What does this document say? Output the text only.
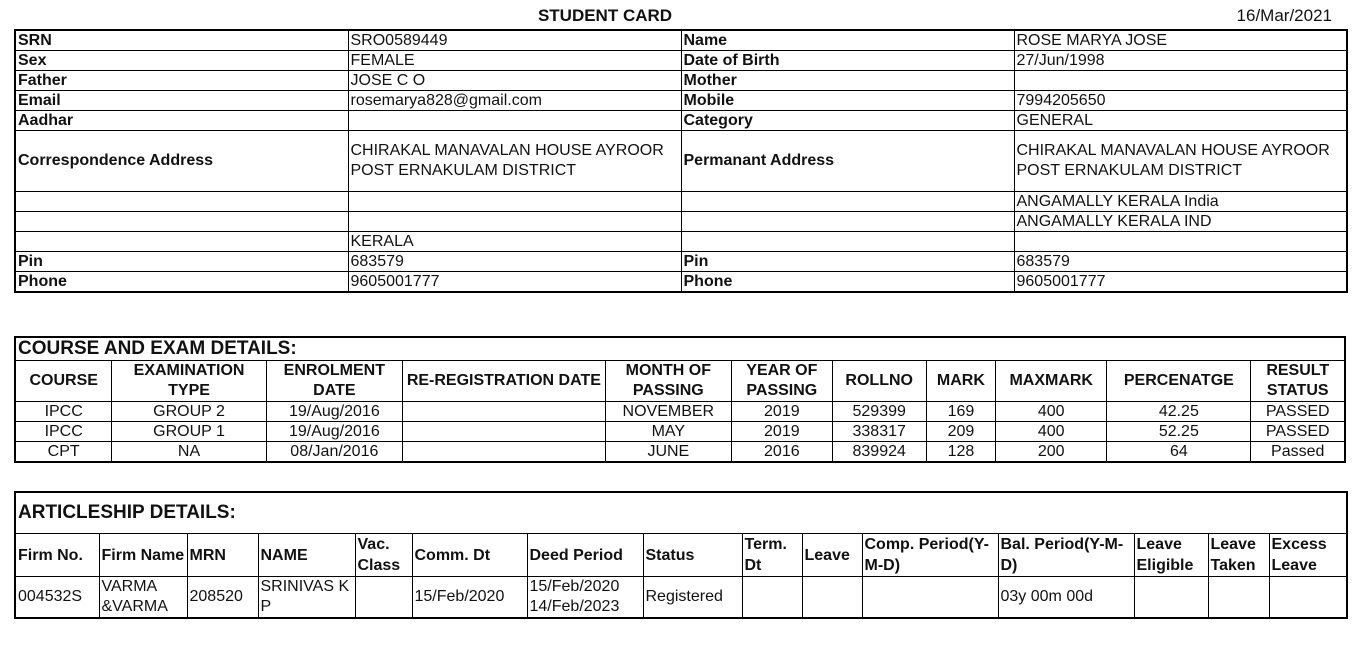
STUDENT CARD	16/Mar/2021
SRN	SRO0589449	Name	ROSE MARYA JOSE
Sex	FEMALE	Date of Birth	27/Jun/1998
Father	JOSE C O	Mother	
Email	rosemarya828@gmail.com	Mobile	7994205650
Aadhar		Category	GENERAL
Correspondence Address	CHIRAKAL MANAVALAN HOUSE AYROOR POST ERNAKULAM DISTRICT	Permanant Address	CHIRAKAL MANAVALAN HOUSE AYROOR POST ERNAKULAM DISTRICT
			ANGAMALLY KERALA India
			ANGAMALLY KERALA IND
	KERALA		
Pin	683579	Pin	683579
Phone	9605001777	Phone	9605001777
COURSE AND EXAM DETAILS:										
COURSE	EXAMINATION TYPE	ENROLMENT DATE	RE-REGISTRATION DATE	MONTH OF PASSING	YEAR OF PASSING	ROLLNO	MARK	MAXMARK	PERCENATGE	RESULT STATUS
IPCC	GROUP 2	19/Aug/2016		NOVEMBER	2019	529399	169	400	42.25	PASSED
IPCC	GROUP 1	19/Aug/2016		MAY	2019	338317	209	400	52.25	PASSED
CPT	NA	08/Jan/2016		JUNE	2016	839924	128	200	64	Passed
ARTICLESHIP DETAILS:														
Firm No.	Firm Name	MRN	NAME	Vac. Class	Comm. Dt	Deed Period	Status	Term. Dt	Leave	Comp. Period(Y-M-D)	Bal. Period(Y-M-D)	Leave Eligible	Leave Taken	Excess Leave
004532S	VARMA &VARMA	208520	SRINIVAS K P		15/Feb/2020	15/Feb/2020 14/Feb/2023	Registered				03y 00m 00d			
